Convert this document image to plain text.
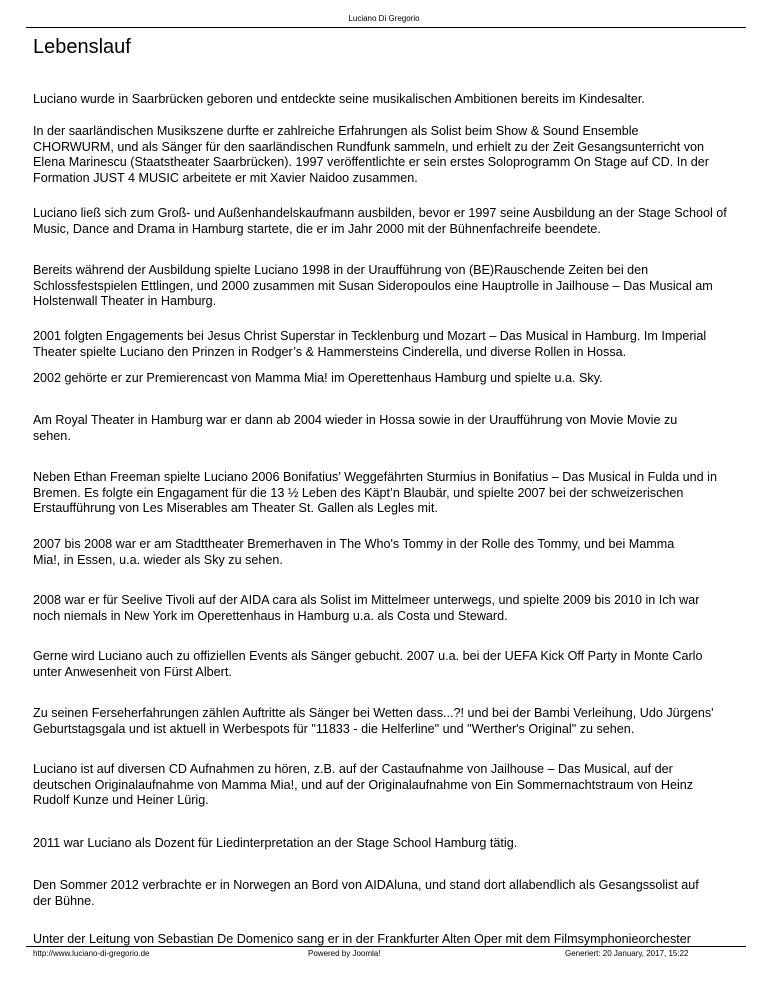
Luciano Di Gregorio
Lebenslauf

Luciano wurde in Saarbrücken geboren und entdeckte seine musikalischen Ambitionen bereits im Kindesalter.

In der saarländischen Musikszene durfte er zahlreiche Erfahrungen als Solist beim Show & Sound Ensemble
CHORWURM, und als Sänger für den saarländischen Rundfunk sammeln, und erhielt zu der Zeit Gesangsunterricht von
Elena Marinescu (Staatstheater Saarbrücken). 1997 veröffentlichte er sein erstes Soloprogramm On Stage auf CD. In der
Formation JUST 4 MUSIC arbeitete er mit Xavier Naidoo zusammen.

Luciano ließ sich zum Groß- und Außenhandelskaufmann ausbilden, bevor er 1997 seine Ausbildung an der Stage School of
Music, Dance and Drama in Hamburg startete, die er im Jahr 2000 mit der Bühnenfachreife beendete.

Bereits während der Ausbildung spielte Luciano 1998 in der Uraufführung von (BE)Rauschende Zeiten bei den
Schlossfestspielen Ettlingen, und 2000 zusammen mit Susan Sideropoulos eine Hauptrolle in Jailhouse – Das Musical am
Holstenwall Theater in Hamburg.

2001 folgten Engagements bei Jesus Christ Superstar in Tecklenburg und Mozart – Das Musical in Hamburg. Im Imperial
Theater spielte Luciano den Prinzen in Rodger’s & Hammersteins Cinderella, und diverse Rollen in Hossa.

2002 gehörte er zur Premierencast von Mamma Mia! im Operettenhaus Hamburg und spielte u.a. Sky.

Am Royal Theater in Hamburg war er dann ab 2004 wieder in Hossa sowie in der Uraufführung von Movie Movie zu
sehen.

Neben Ethan Freeman spielte Luciano 2006 Bonifatius’ Weggefährten Sturmius in Bonifatius – Das Musical in Fulda und in
Bremen. Es folgte ein Engagament für die 13 ½ Leben des Käpt’n Blaubär, und spielte 2007 bei der schweizerischen
Erstaufführung von Les Miserables am Theater St. Gallen als Legles mit.

2007 bis 2008 war er am Stadttheater Bremerhaven in The Who's Tommy in der Rolle des Tommy, und bei Mamma
Mia!, in Essen, u.a. wieder als Sky zu sehen.

2008 war er für Seelive Tivoli auf der AIDA cara als Solist im Mittelmeer unterwegs, und spielte 2009 bis 2010 in Ich war
noch niemals in New York im Operettenhaus in Hamburg u.a. als Costa und Steward.

Gerne wird Luciano auch zu offiziellen Events als Sänger gebucht. 2007 u.a. bei der UEFA Kick Off Party in Monte Carlo
unter Anwesenheit von Fürst Albert.

Zu seinen Ferseherfahrungen zählen Auftritte als Sänger bei Wetten dass...?! und bei der Bambi Verleihung, Udo Jürgens'
Geburtstagsgala und ist aktuell in Werbespots für "11833 - die Helferline" und "Werther's Original" zu sehen.

Luciano ist auf diversen CD Aufnahmen zu hören, z.B. auf der Castaufnahme von Jailhouse – Das Musical, auf der
deutschen Originalaufnahme von Mamma Mia!, und auf der Originalaufnahme von Ein Sommernachtstraum von Heinz
Rudolf Kunze und Heiner Lürig.

2011 war Luciano als Dozent für Liedinterpretation an der Stage School Hamburg tätig.

Den Sommer 2012 verbrachte er in Norwegen an Bord von AIDAluna, und stand dort allabendlich als Gesangssolist auf
der Bühne.

Unter der Leitung von Sebastian De Domenico sang er in der Frankfurter Alten Oper mit dem Filmsymphonieorchester

http://www.luciano-di-gregorio.de	Powered by Joomla!	Generiert: 20 January, 2017, 15:22
